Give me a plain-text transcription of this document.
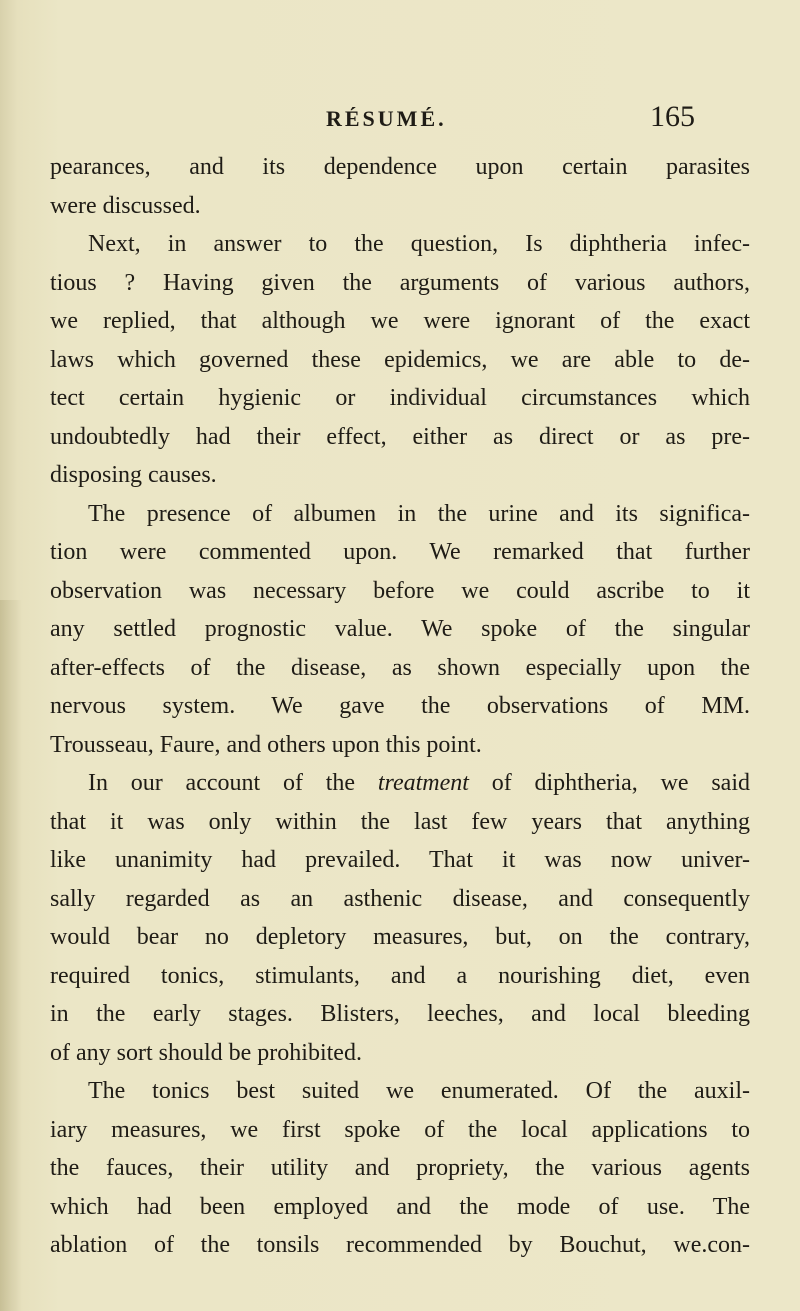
RÉSUMÉ.	165
pearances, and its dependence upon certain parasites
were discussed.
Next, in answer to the question, Is diphtheria infec-
tious ? Having given the arguments of various authors,
we replied, that although we were ignorant of the exact
laws which governed these epidemics, we are able to de-
tect certain hygienic or individual circumstances which
undoubtedly had their effect, either as direct or as pre-
disposing causes.
The presence of albumen in the urine and its significa-
tion were commented upon. We remarked that further
observation was necessary before we could ascribe to it
any settled prognostic value. We spoke of the singular
after-effects of the disease, as shown especially upon the
nervous system. We gave the observations of MM.
Trousseau, Faure, and others upon this point.
In our account of the treatment of diphtheria, we said
that it was only within the last few years that anything
like unanimity had prevailed. That it was now univer-
sally regarded as an asthenic disease, and consequently
would bear no depletory measures, but, on the contrary,
required tonics, stimulants, and a nourishing diet, even
in the early stages. Blisters, leeches, and local bleeding
of any sort should be prohibited.
The tonics best suited we enumerated. Of the auxil-
iary measures, we first spoke of the local applications to
the fauces, their utility and propriety, the various agents
which had been employed and the mode of use. The
ablation of the tonsils recommended by Bouchut, we.con-
